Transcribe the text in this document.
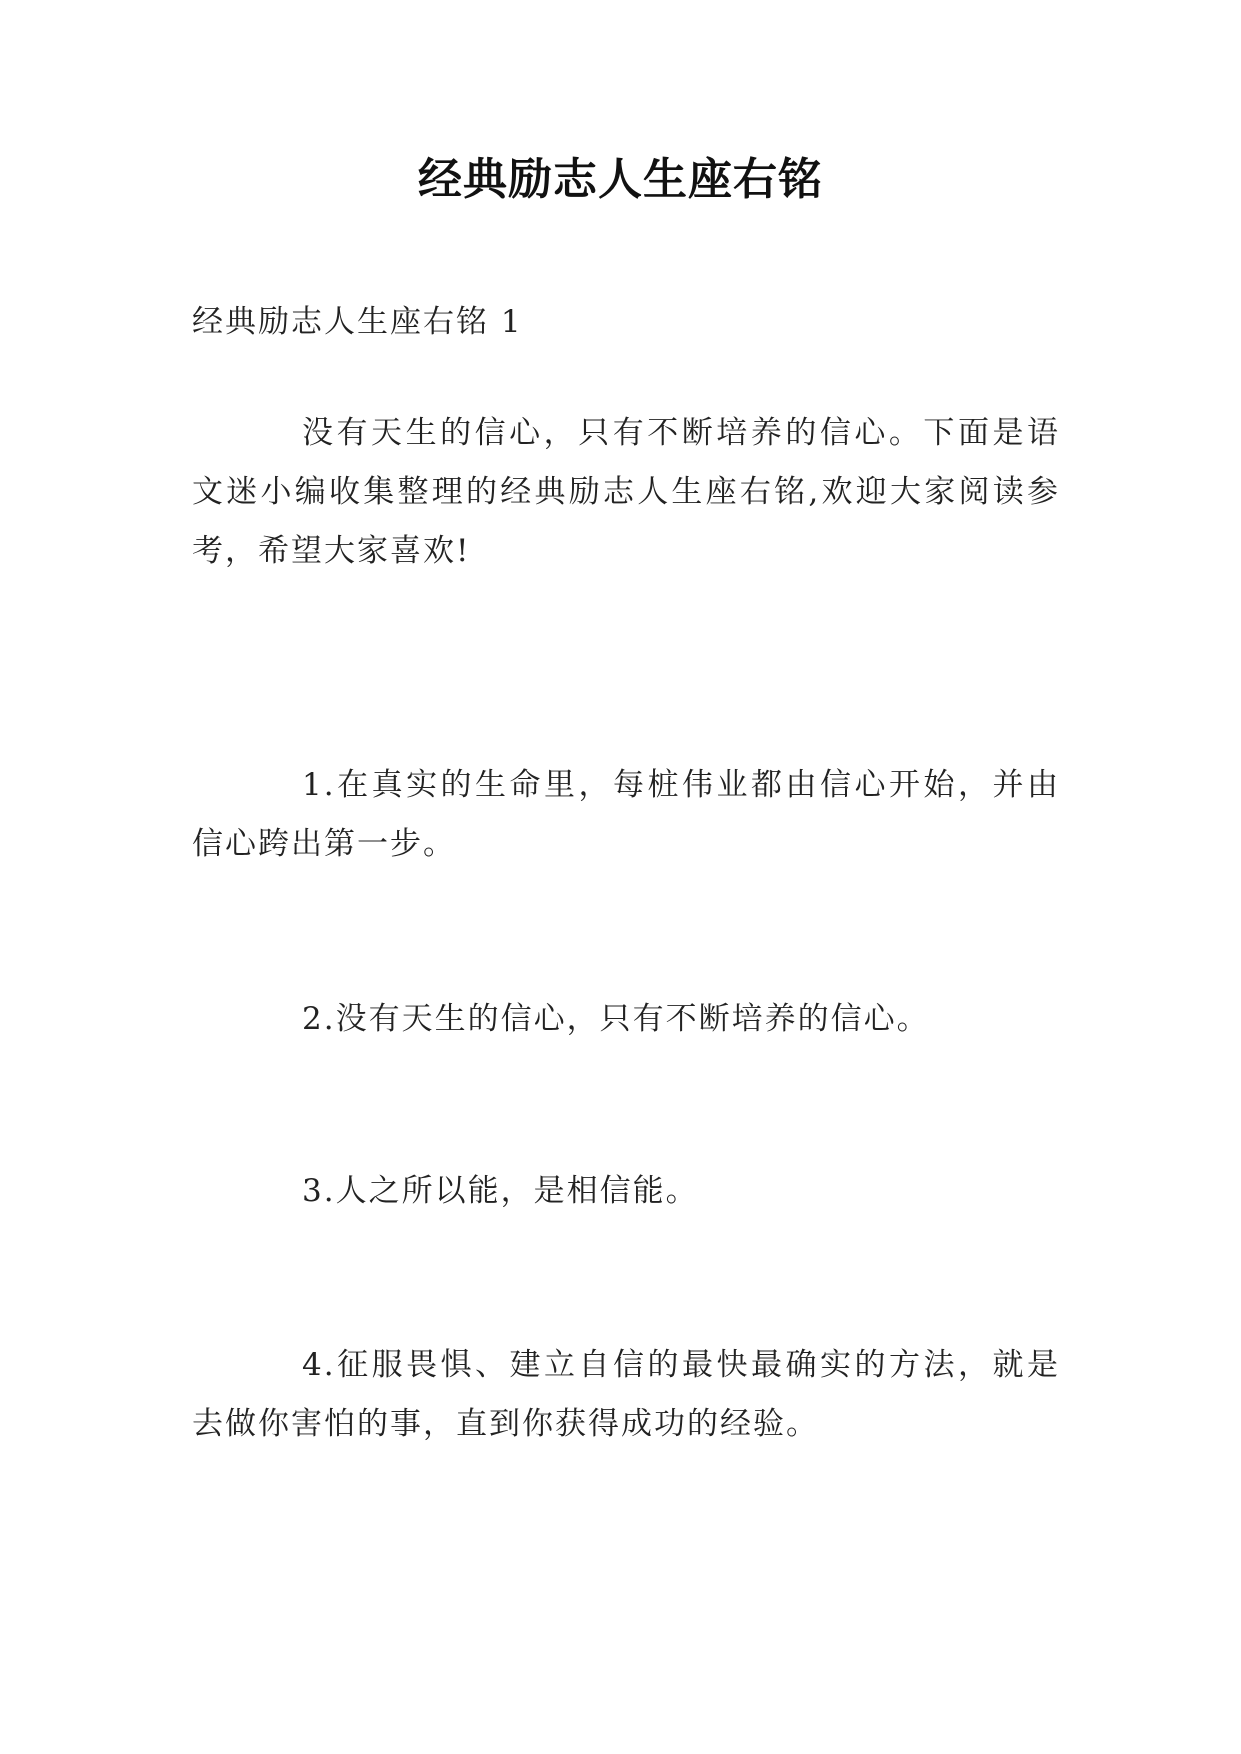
经典励志人生座右铭

经典励志人生座右铭 1

没有天生的信心，只有不断培养的信心。下面是语文迷小编收集整理的经典励志人生座右铭,欢迎大家阅读参考，希望大家喜欢!

1.在真实的生命里，每桩伟业都由信心开始，并由信心跨出第一步。

2.没有天生的信心，只有不断培养的信心。

3.人之所以能，是相信能。

4.征服畏惧、建立自信的最快最确实的方法，就是去做你害怕的事，直到你获得成功的经验。
